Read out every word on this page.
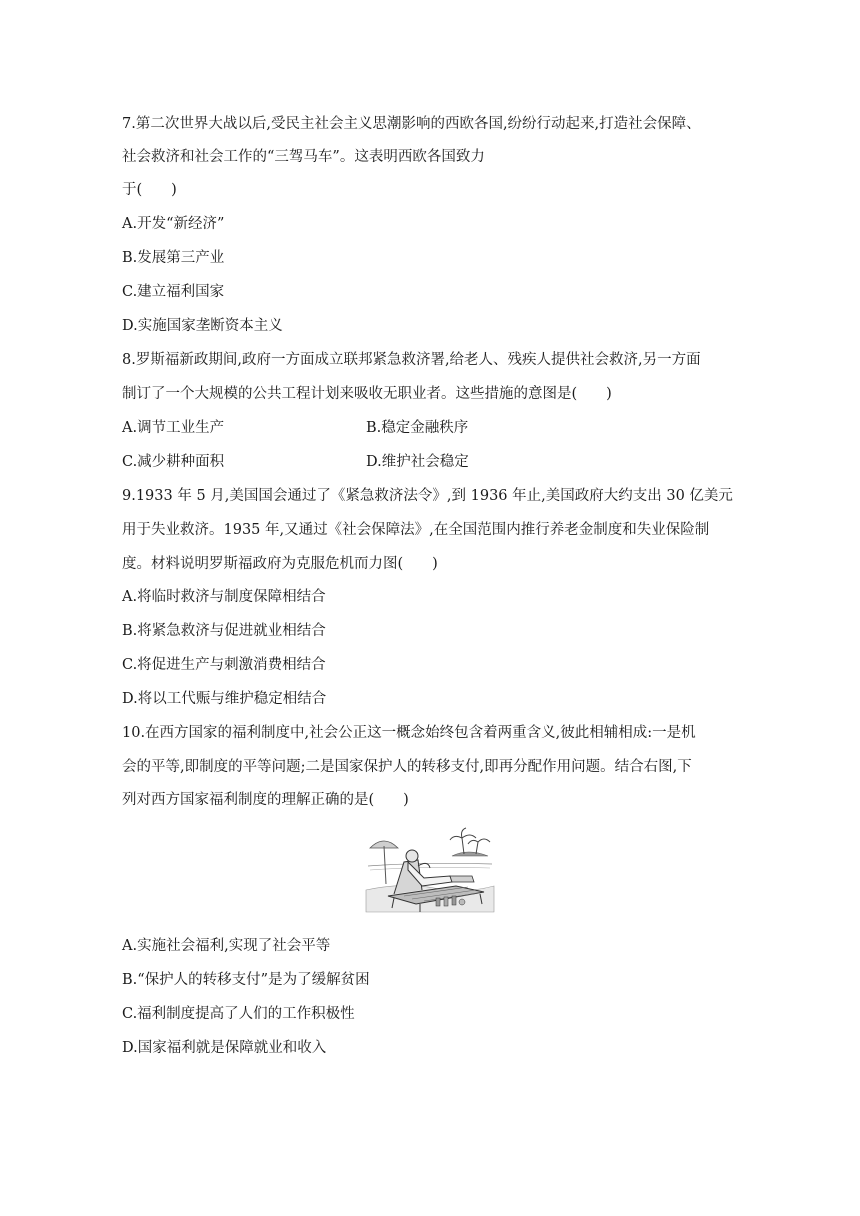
7.第二次世界大战以后,受民主社会主义思潮影响的西欧各国,纷纷行动起来,打造社会保障、
社会救济和社会工作的“三驾马车”。这表明西欧各国致力
于(　　)
A.开发“新经济”
B.发展第三产业
C.建立福利国家
D.实施国家垄断资本主义
8.罗斯福新政期间,政府一方面成立联邦紧急救济署,给老人、残疾人提供社会救济,另一方面
制订了一个大规模的公共工程计划来吸收无职业者。这些措施的意图是(　　)
A.调节工业生产	B.稳定金融秩序
C.减少耕种面积	D.维护社会稳定
9.1933 年 5 月,美国国会通过了《紧急救济法令》,到 1936 年止,美国政府大约支出 30 亿美元
用于失业救济。1935 年,又通过《社会保障法》,在全国范围内推行养老金制度和失业保险制
度。材料说明罗斯福政府为克服危机而力图(　　)
A.将临时救济与制度保障相结合
B.将紧急救济与促进就业相结合
C.将促进生产与刺激消费相结合
D.将以工代赈与维护稳定相结合
10.在西方国家的福利制度中,社会公正这一概念始终包含着两重含义,彼此相辅相成:一是机
会的平等,即制度的平等问题;二是国家保护人的转移支付,即再分配作用问题。结合右图,下
列对西方国家福利制度的理解正确的是(　　)
A.实施社会福利,实现了社会平等
B.“保护人的转移支付”是为了缓解贫困
C.福利制度提高了人们的工作积极性
D.国家福利就是保障就业和收入
